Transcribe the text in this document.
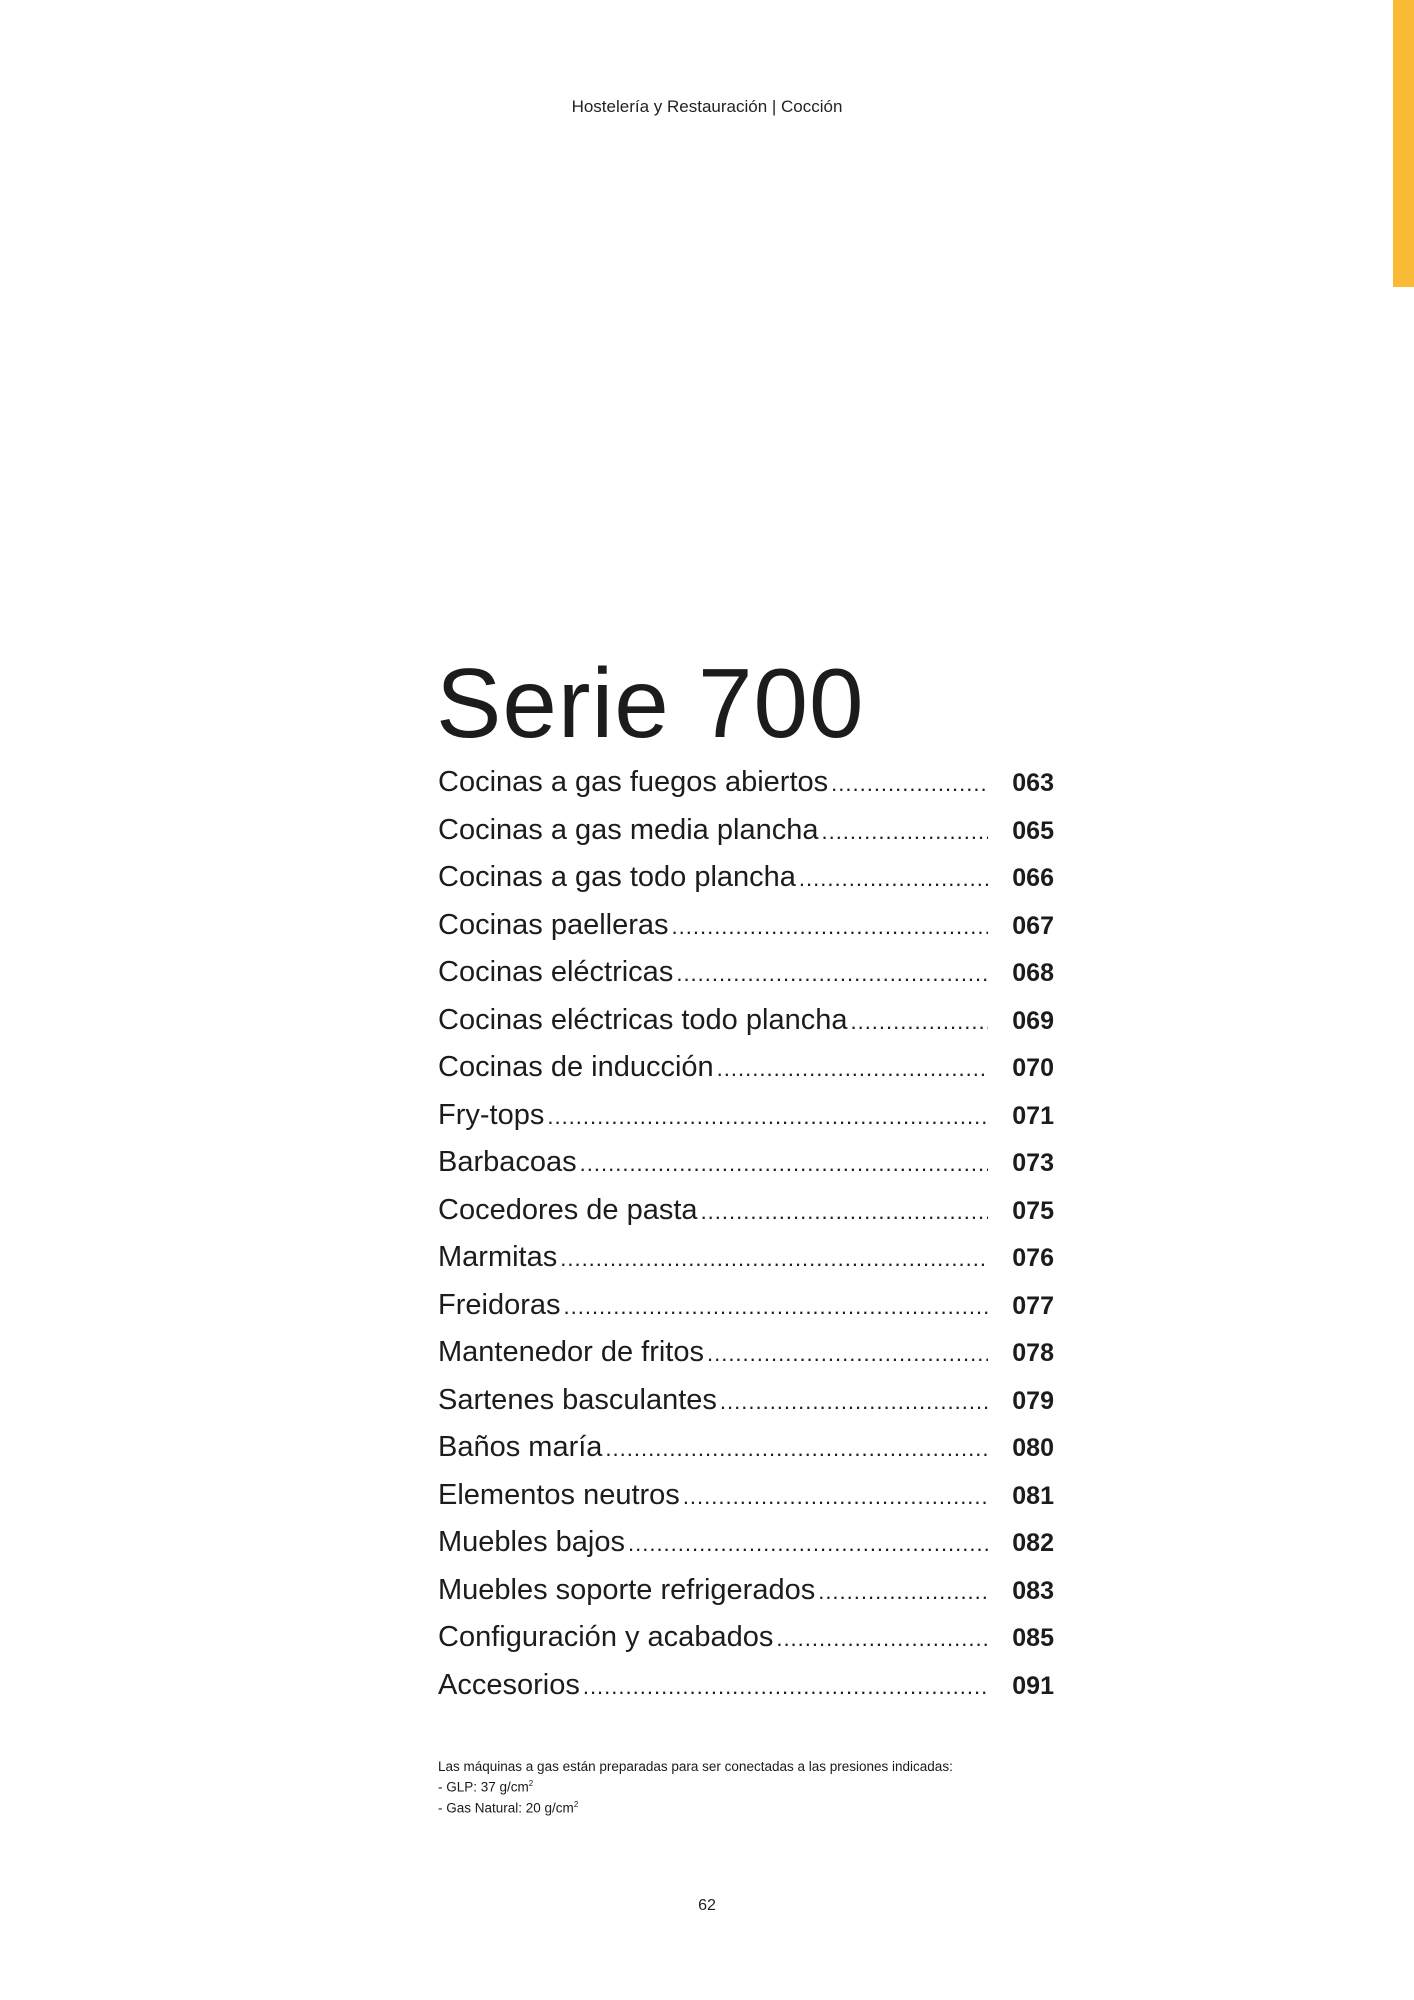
Hostelería y Restauración | Cocción
Serie 700
Cocinas a gas fuegos abiertos .....	063
Cocinas a gas media plancha .....	065
Cocinas a gas todo plancha .....	066
Cocinas paelleras .....	067
Cocinas eléctricas .....	068
Cocinas eléctricas todo plancha .....	069
Cocinas de inducción .....	070
Fry-tops .....	071
Barbacoas .....	073
Cocedores de pasta .....	075
Marmitas .....	076
Freidoras .....	077
Mantenedor de fritos .....	078
Sartenes basculantes .....	079
Baños maría .....	080
Elementos neutros .....	081
Muebles bajos .....	082
Muebles soporte refrigerados .....	083
Configuración y acabados .....	085
Accesorios .....	091
Las máquinas a gas están preparadas para ser conectadas a las presiones indicadas:
- GLP: 37 $g/cm^2$
- Gas Natural: 20 $g/cm^2$
62
